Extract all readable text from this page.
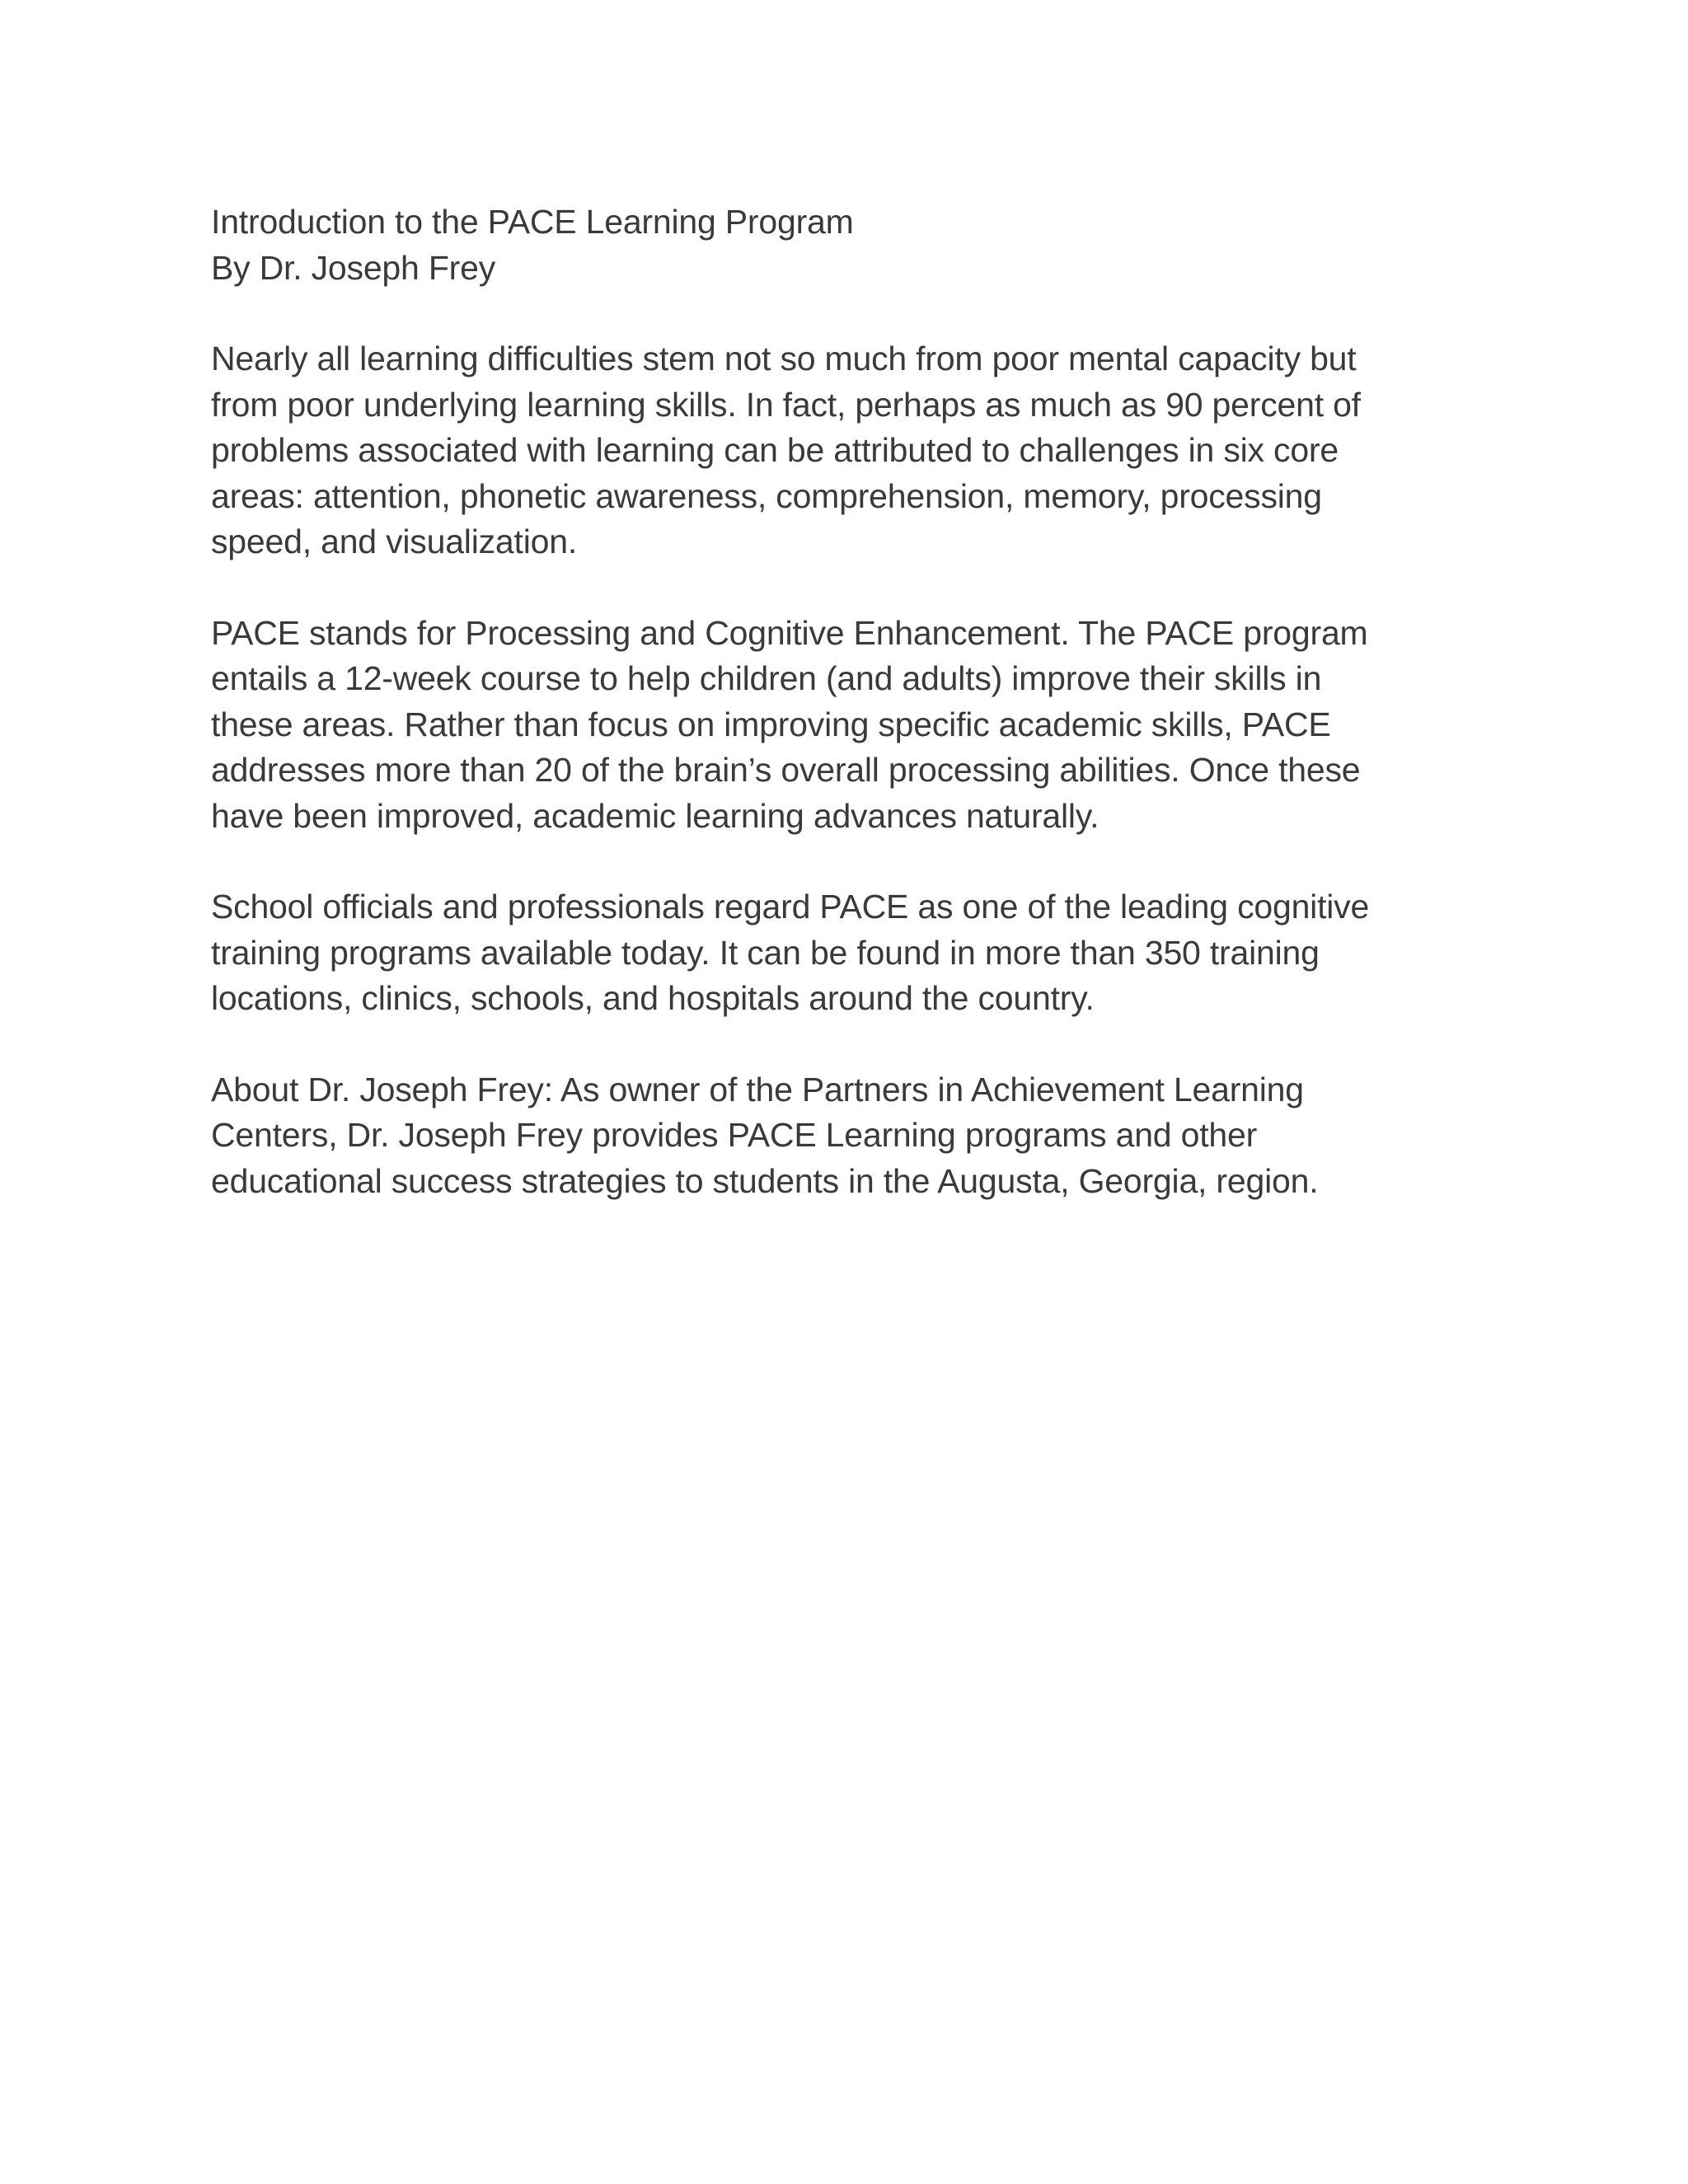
Introduction to the PACE Learning Program
By Dr. Joseph Frey

Nearly all learning difficulties stem not so much from poor mental capacity but
from poor underlying learning skills. In fact, perhaps as much as 90 percent of
problems associated with learning can be attributed to challenges in six core
areas: attention, phonetic awareness, comprehension, memory, processing
speed, and visualization.

PACE stands for Processing and Cognitive Enhancement. The PACE program
entails a 12-week course to help children (and adults) improve their skills in
these areas. Rather than focus on improving specific academic skills, PACE
addresses more than 20 of the brain’s overall processing abilities. Once these
have been improved, academic learning advances naturally.

School officials and professionals regard PACE as one of the leading cognitive
training programs available today. It can be found in more than 350 training
locations, clinics, schools, and hospitals around the country.

About Dr. Joseph Frey: As owner of the Partners in Achievement Learning
Centers, Dr. Joseph Frey provides PACE Learning programs and other
educational success strategies to students in the Augusta, Georgia, region.
